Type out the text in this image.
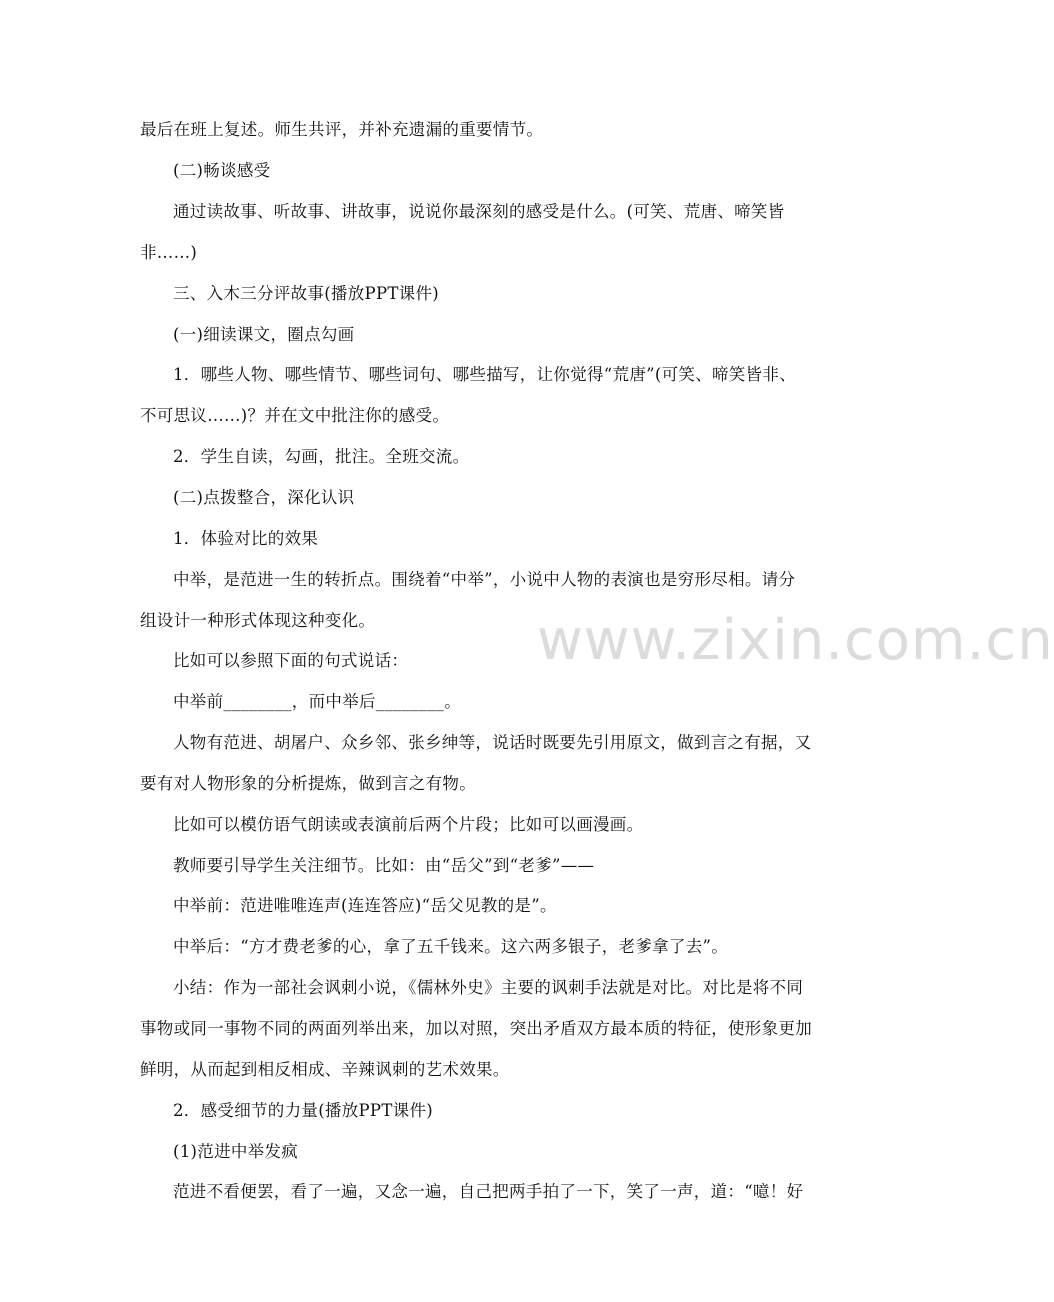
www.zixin.com.cn
最后在班上复述。师生共评，并补充遗漏的重要情节。
(二)畅谈感受
通过读故事、听故事、讲故事，说说你最深刻的感受是什么。(可笑、荒唐、啼笑皆
非……)
三、入木三分评故事(播放PPT课件)
(一)细读课文，圈点勾画
1．哪些人物、哪些情节、哪些词句、哪些描写，让你觉得“荒唐”(可笑、啼笑皆非、
不可思议……)？并在文中批注你的感受。
2．学生自读，勾画，批注。全班交流。
(二)点拨整合，深化认识
1．体验对比的效果
中举，是范进一生的转折点。围绕着“中举”，小说中人物的表演也是穷形尽相。请分
组设计一种形式体现这种变化。
比如可以参照下面的句式说话：
中举前________，而中举后________。
人物有范进、胡屠户、众乡邻、张乡绅等，说话时既要先引用原文，做到言之有据，又
要有对人物形象的分析提炼，做到言之有物。
比如可以模仿语气朗读或表演前后两个片段；比如可以画漫画。
教师要引导学生关注细节。比如：由“岳父”到“老爹”——
中举前：范进唯唯连声(连连答应)“岳父见教的是”。
中举后：“方才费老爹的心，拿了五千钱来。这六两多银子，老爹拿了去”。
小结：作为一部社会讽刺小说，《儒林外史》主要的讽刺手法就是对比。对比是将不同
事物或同一事物不同的两面列举出来，加以对照，突出矛盾双方最本质的特征，使形象更加
鲜明，从而起到相反相成、辛辣讽刺的艺术效果。
2．感受细节的力量(播放PPT课件)
(1)范进中举发疯
范进不看便罢，看了一遍，又念一遍，自己把两手拍了一下，笑了一声，道：“噫！好
